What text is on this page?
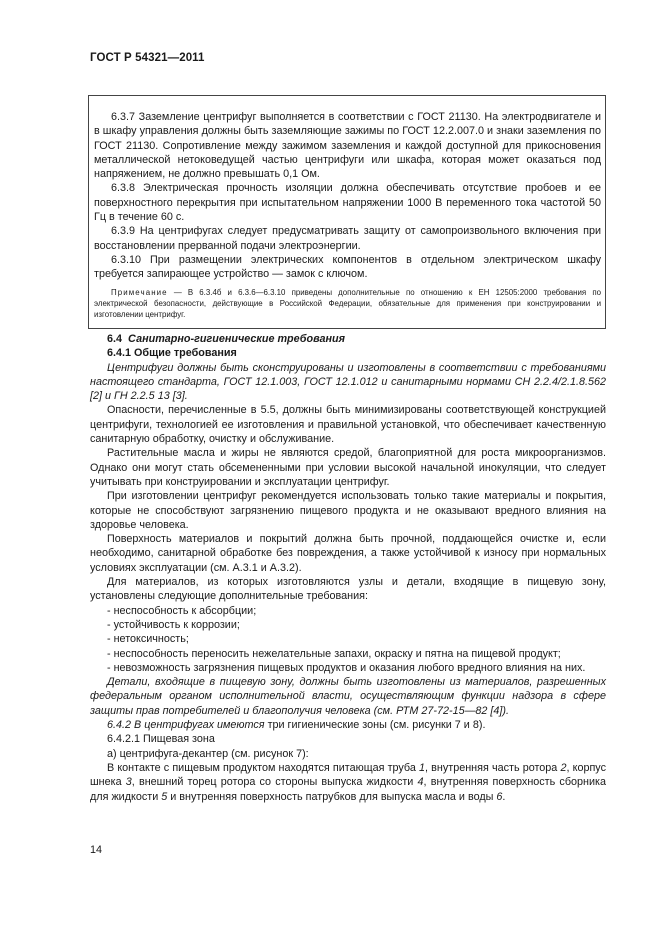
ГОСТ Р 54321—2011

6.3.7 Заземление центрифуг выполняется в соответствии с ГОСТ 21130. На электродвигателе и в шкафу управления должны быть заземляющие зажимы по ГОСТ 12.2.007.0 и знаки заземления по ГОСТ 21130. Сопротивление между зажимом заземления и каждой доступной для прикосновения металлической нетоковедущей частью центрифуги или шкафа, которая может оказаться под напряжением, не должно превышать 0,1 Ом.

6.3.8 Электрическая прочность изоляции должна обеспечивать отсутствие пробоев и ее поверхностного перекрытия при испытательном напряжении 1000 В переменного тока частотой 50 Гц в течение 60 с.

6.3.9 На центрифугах следует предусматривать защиту от самопроизвольного включения при восстановлении прерванной подачи электроэнергии.

6.3.10 При размещении электрических компонентов в отдельном электрическом шкафу требуется запирающее устройство — замок с ключом.

Примечание — В 6.3.4б и 6.3.6—6.3.10 приведены дополнительные по отношению к ЕН 12505:2000 требования по электрической безопасности, действующие в Российской Федерации, обязательные для применения при конструировании и изготовлении центрифуг.

6.4 Санитарно-гигиенические требования

6.4.1 Общие требования

Центрифуги должны быть сконструированы и изготовлены в соответствии с требованиями настоящего стандарта, ГОСТ 12.1.003, ГОСТ 12.1.012 и санитарными нормами СН 2.2.4/2.1.8.562 [2] и ГН 2.2.5 13 [3].

Опасности, перечисленные в 5.5, должны быть минимизированы соответствующей конструкцией центрифуги, технологией ее изготовления и правильной установкой, что обеспечивает качественную санитарную обработку, очистку и обслуживание.

Растительные масла и жиры не являются средой, благоприятной для роста микроорганизмов. Однако они могут стать обсемененными при условии высокой начальной инокуляции, что следует учитывать при конструировании и эксплуатации центрифуг.

При изготовлении центрифуг рекомендуется использовать только такие материалы и покрытия, которые не способствуют загрязнению пищевого продукта и не оказывают вредного влияния на здоровье человека.

Поверхность материалов и покрытий должна быть прочной, поддающейся очистке и, если необходимо, санитарной обработке без повреждения, а также устойчивой к износу при нормальных условиях эксплуатации (см. А.3.1 и А.3.2).

Для материалов, из которых изготовляются узлы и детали, входящие в пищевую зону, установлены следующие дополнительные требования:

- неспособность к абсорбции;

- устойчивость к коррозии;

- нетоксичность;

- неспособность переносить нежелательные запахи, окраску и пятна на пищевой продукт;

- невозможность загрязнения пищевых продуктов и оказания любого вредного влияния на них.

Детали, входящие в пищевую зону, должны быть изготовлены из материалов, разрешенных федеральным органом исполнительной власти, осуществляющим функции надзора в сфере защиты прав потребителей и благополучия человека (см. РТМ 27-72-15—82 [4]).

6.4.2 В центрифугах имеются три гигиенические зоны (см. рисунки 7 и 8).

6.4.2.1 Пищевая зона

а) центрифуга-декантер (см. рисунок 7):

В контакте с пищевым продуктом находятся питающая труба 1, внутренняя часть ротора 2, корпус шнека 3, внешний торец ротора со стороны выпуска жидкости 4, внутренняя поверхность сборника для жидкости 5 и внутренняя поверхность патрубков для выпуска масла и воды 6.

14
